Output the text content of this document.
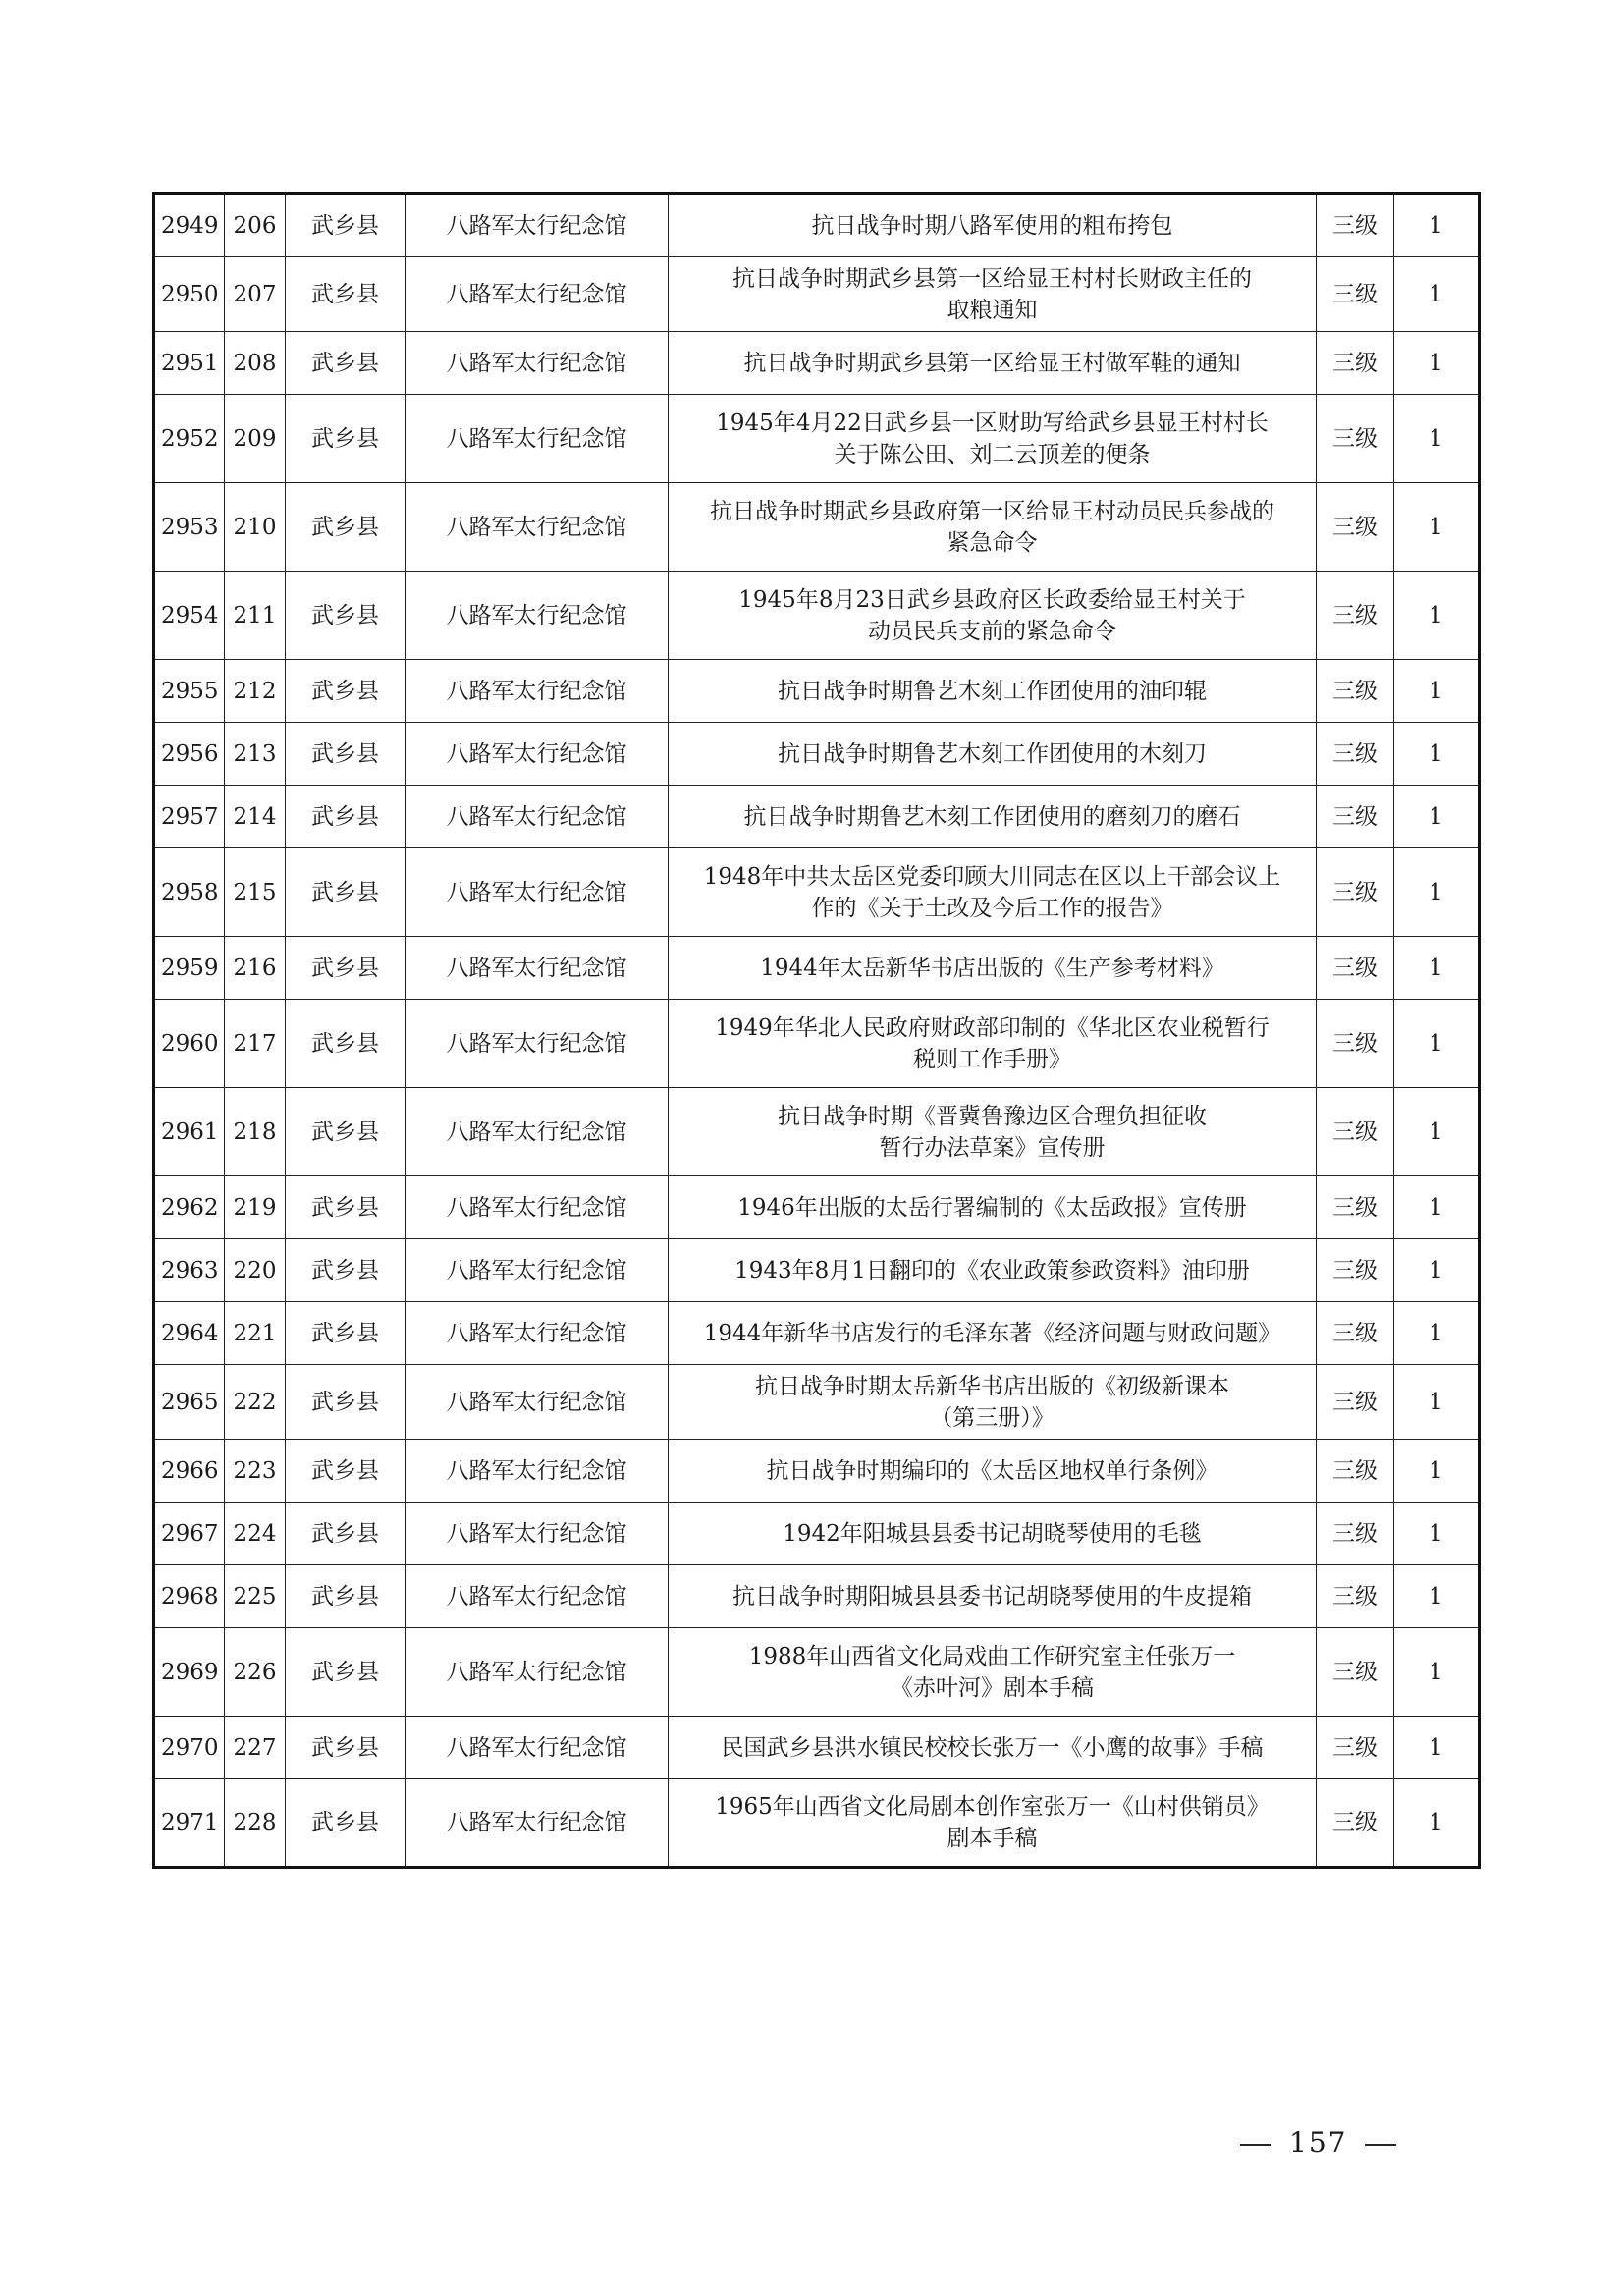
2949	206	武乡县	八路军太行纪念馆	抗日战争时期八路军使用的粗布挎包	三级	1
2950	207	武乡县	八路军太行纪念馆	抗日战争时期武乡县第一区给显王村村长财政主任的
取粮通知	三级	1
2951	208	武乡县	八路军太行纪念馆	抗日战争时期武乡县第一区给显王村做军鞋的通知	三级	1
2952	209	武乡县	八路军太行纪念馆	1945年4月22日武乡县一区财助写给武乡县显王村村长
关于陈公田、刘二云顶差的便条	三级	1
2953	210	武乡县	八路军太行纪念馆	抗日战争时期武乡县政府第一区给显王村动员民兵参战的
紧急命令	三级	1
2954	211	武乡县	八路军太行纪念馆	1945年8月23日武乡县政府区长政委给显王村关于
动员民兵支前的紧急命令	三级	1
2955	212	武乡县	八路军太行纪念馆	抗日战争时期鲁艺木刻工作团使用的油印辊	三级	1
2956	213	武乡县	八路军太行纪念馆	抗日战争时期鲁艺木刻工作团使用的木刻刀	三级	1
2957	214	武乡县	八路军太行纪念馆	抗日战争时期鲁艺木刻工作团使用的磨刻刀的磨石	三级	1
2958	215	武乡县	八路军太行纪念馆	1948年中共太岳区党委印顾大川同志在区以上干部会议上
作的《关于土改及今后工作的报告》	三级	1
2959	216	武乡县	八路军太行纪念馆	1944年太岳新华书店出版的《生产参考材料》	三级	1
2960	217	武乡县	八路军太行纪念馆	1949年华北人民政府财政部印制的《华北区农业税暂行
税则工作手册》	三级	1
2961	218	武乡县	八路军太行纪念馆	抗日战争时期《晋冀鲁豫边区合理负担征收
暂行办法草案》宣传册	三级	1
2962	219	武乡县	八路军太行纪念馆	1946年出版的太岳行署编制的《太岳政报》宣传册	三级	1
2963	220	武乡县	八路军太行纪念馆	1943年8月1日翻印的《农业政策参政资料》油印册	三级	1
2964	221	武乡县	八路军太行纪念馆	1944年新华书店发行的毛泽东著《经济问题与财政问题》	三级	1
2965	222	武乡县	八路军太行纪念馆	抗日战争时期太岳新华书店出版的《初级新课本
（第三册）》	三级	1
2966	223	武乡县	八路军太行纪念馆	抗日战争时期编印的《太岳区地权单行条例》	三级	1
2967	224	武乡县	八路军太行纪念馆	1942年阳城县县委书记胡晓琴使用的毛毯	三级	1
2968	225	武乡县	八路军太行纪念馆	抗日战争时期阳城县县委书记胡晓琴使用的牛皮提箱	三级	1
2969	226	武乡县	八路军太行纪念馆	1988年山西省文化局戏曲工作研究室主任张万一
《赤叶河》剧本手稿	三级	1
2970	227	武乡县	八路军太行纪念馆	民国武乡县洪水镇民校校长张万一《小鹰的故事》手稿	三级	1
2971	228	武乡县	八路军太行纪念馆	1965年山西省文化局剧本创作室张万一《山村供销员》
剧本手稿	三级	1
157
